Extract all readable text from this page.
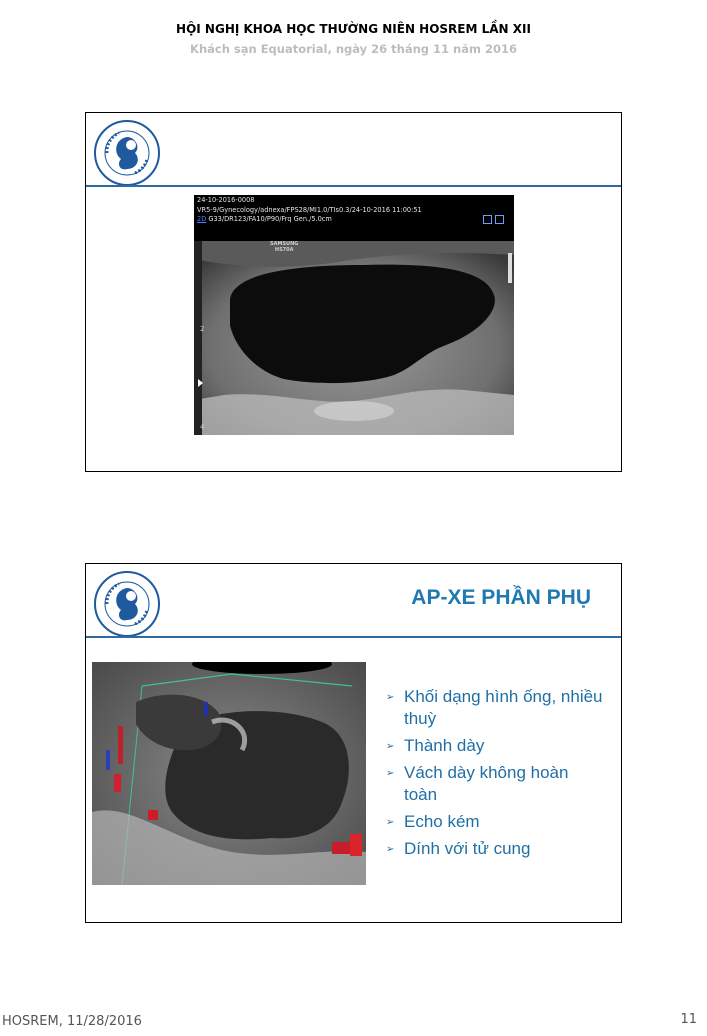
HỘI NGHỊ KHOA HỌC THƯỜNG NIÊN HOSREM LẦN XII
Khách sạn Equatorial, ngày 26 tháng 11 năm 2016
24-10-2016-0008
VR5-9/Gynecology/adnexa/FPS28/MI1.0/TIs0.3/24-10-2016 11:00:51
2D G33/DR123/FA10/P90/Frq Gen./5.0cm
SAMSUNG
HS70A
2
4
AP-XE PHẦN PHỤ
➢ Khối dạng hình ống, nhiều thuỳ
➢ Thành dày
➢ Vách dày không hoàn toàn
➢ Echo kém
➢ Dính với tử cung
HOSREM, 11/28/2016	11
